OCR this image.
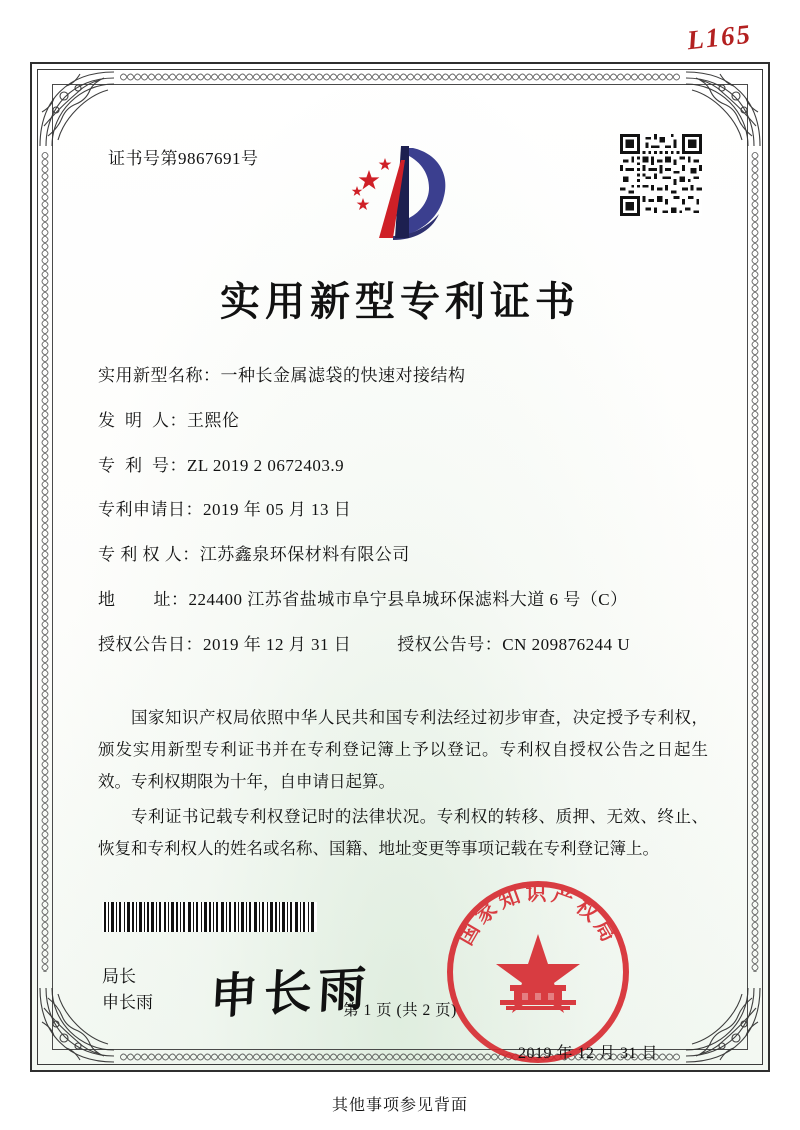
L165
证书号第9867691号
实用新型专利证书
实用新型名称： 一种长金属滤袋的快速对接结构
发  明  人： 王熙伦
专  利  号： ZL 2019 2 0672403.9
专利申请日： 2019 年 05 月 13 日
专 利 权 人： 江苏鑫泉环保材料有限公司
地        址： 224400 江苏省盐城市阜宁县阜城环保滤料大道 6 号（C）
授权公告日： 2019 年 12 月 31 日	授权公告号： CN 209876244 U

国家知识产权局依照中华人民共和国专利法经过初步审查，决定授予专利权，颁发实用新型专利证书并在专利登记簿上予以登记。专利权自授权公告之日起生效。专利权期限为十年，自申请日起算。

专利证书记载专利权登记时的法律状况。专利权的转移、质押、无效、终止、恢复和专利权人的姓名或名称、国籍、地址变更等事项记载在专利登记簿上。

局长
申长雨 申长雨
国家知识产权局
2019 年 12 月 31 日
第 1 页 (共 2 页)
其他事项参见背面
